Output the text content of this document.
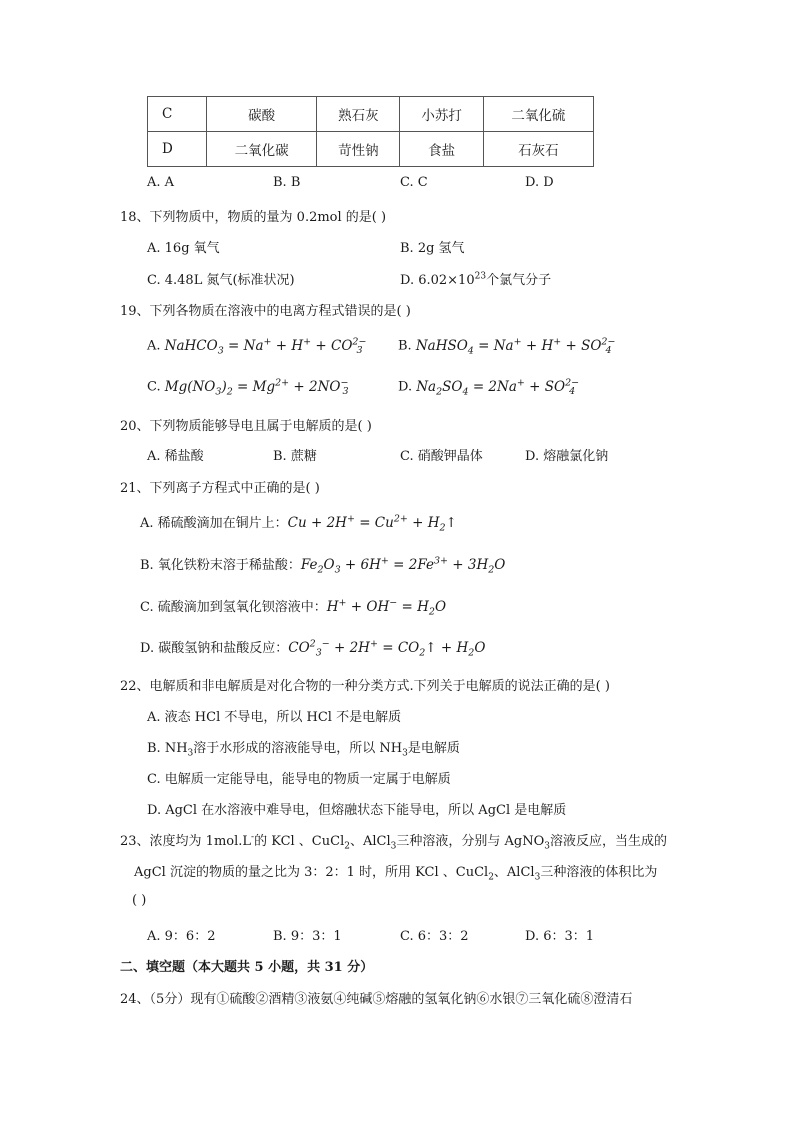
C	碳酸	熟石灰	小苏打	二氧化硫
D	二氧化碳	苛性钠	食盐	石灰石
A. A	B. B	C. C	D. D
18、下列物质中，物质的量为 0.2mol 的是( )
A. 16g 氧气	B. 2g 氢气
C. 4.48L 氮气(标准状况)	D. $6.02\times 10^{23}$个氯气分子
19、下列各物质在溶液中的电离方程式错误的是( )
A. NaHCO$_3$ = $Na^+ + H^+ + CO^{2-}_3$	B. NaHSO$_4$ = $Na^+ + H^+ + SO^{2-}_4$
C. $Mg(NO_3)_2 = Mg^{2+} + 2NO^-_3$	D. $Na_2SO_4 = 2Na^+ + SO^{2-}_4$
20、下列物质能够导电且属于电解质的是( )
A. 稀盐酸	B. 蔗糖	C. 硝酸钾晶体	D. 熔融氯化钠
21、下列离子方程式中正确的是( )
A. 稀硫酸滴加在铜片上：$Cu + 2H^+ = Cu^{2+}$ + $H_2↑$
B. 氧化铁粉末溶于稀盐酸：$Fe_2O_3 + 6H^+ = 2Fe^{3+} + 3H_2O$
C. 硫酸滴加到氢氧化钡溶液中：$H^+ + OH^- = H_2O$
D. 碳酸氢钠和盐酸反应：$CO^2_3^- + 2H^+$ = $CO_2↑ + H_2O$
22、电解质和非电解质是对化合物的一种分类方式.下列关于电解质的说法正确的是( )
A. 液态 HCl 不导电，所以 HCl 不是电解质
B. $NH_3$溶于水形成的溶液能导电，所以 $NH_3$是电解质
C. 电解质一定能导电，能导电的物质一定属于电解质
D. AgCl 在水溶液中难导电，但熔融状态下能导电，所以 AgCl 是电解质
23、浓度均为 1mol.L-的 KCl 、CuCl$_2$、AlCl$_3$三种溶液，分别与 AgNO$_3$溶液反应，当生成的
AgCl 沉淀的物质的量之比为 3：2：1 时，所用 KCl 、CuCl$_2$、AlCl$_3$三种溶液的体积比为
( )
A. 9：6：2	B. 9：3：1	C. 6：3：2	D. 6：3：1
二、填空题（本大题共 5 小题，共 31 分）
24、（5分）现有①硫酸②酒精③液氨④纯碱⑤熔融的氢氧化钠⑥水银⑦三氧化硫⑧澄清石
